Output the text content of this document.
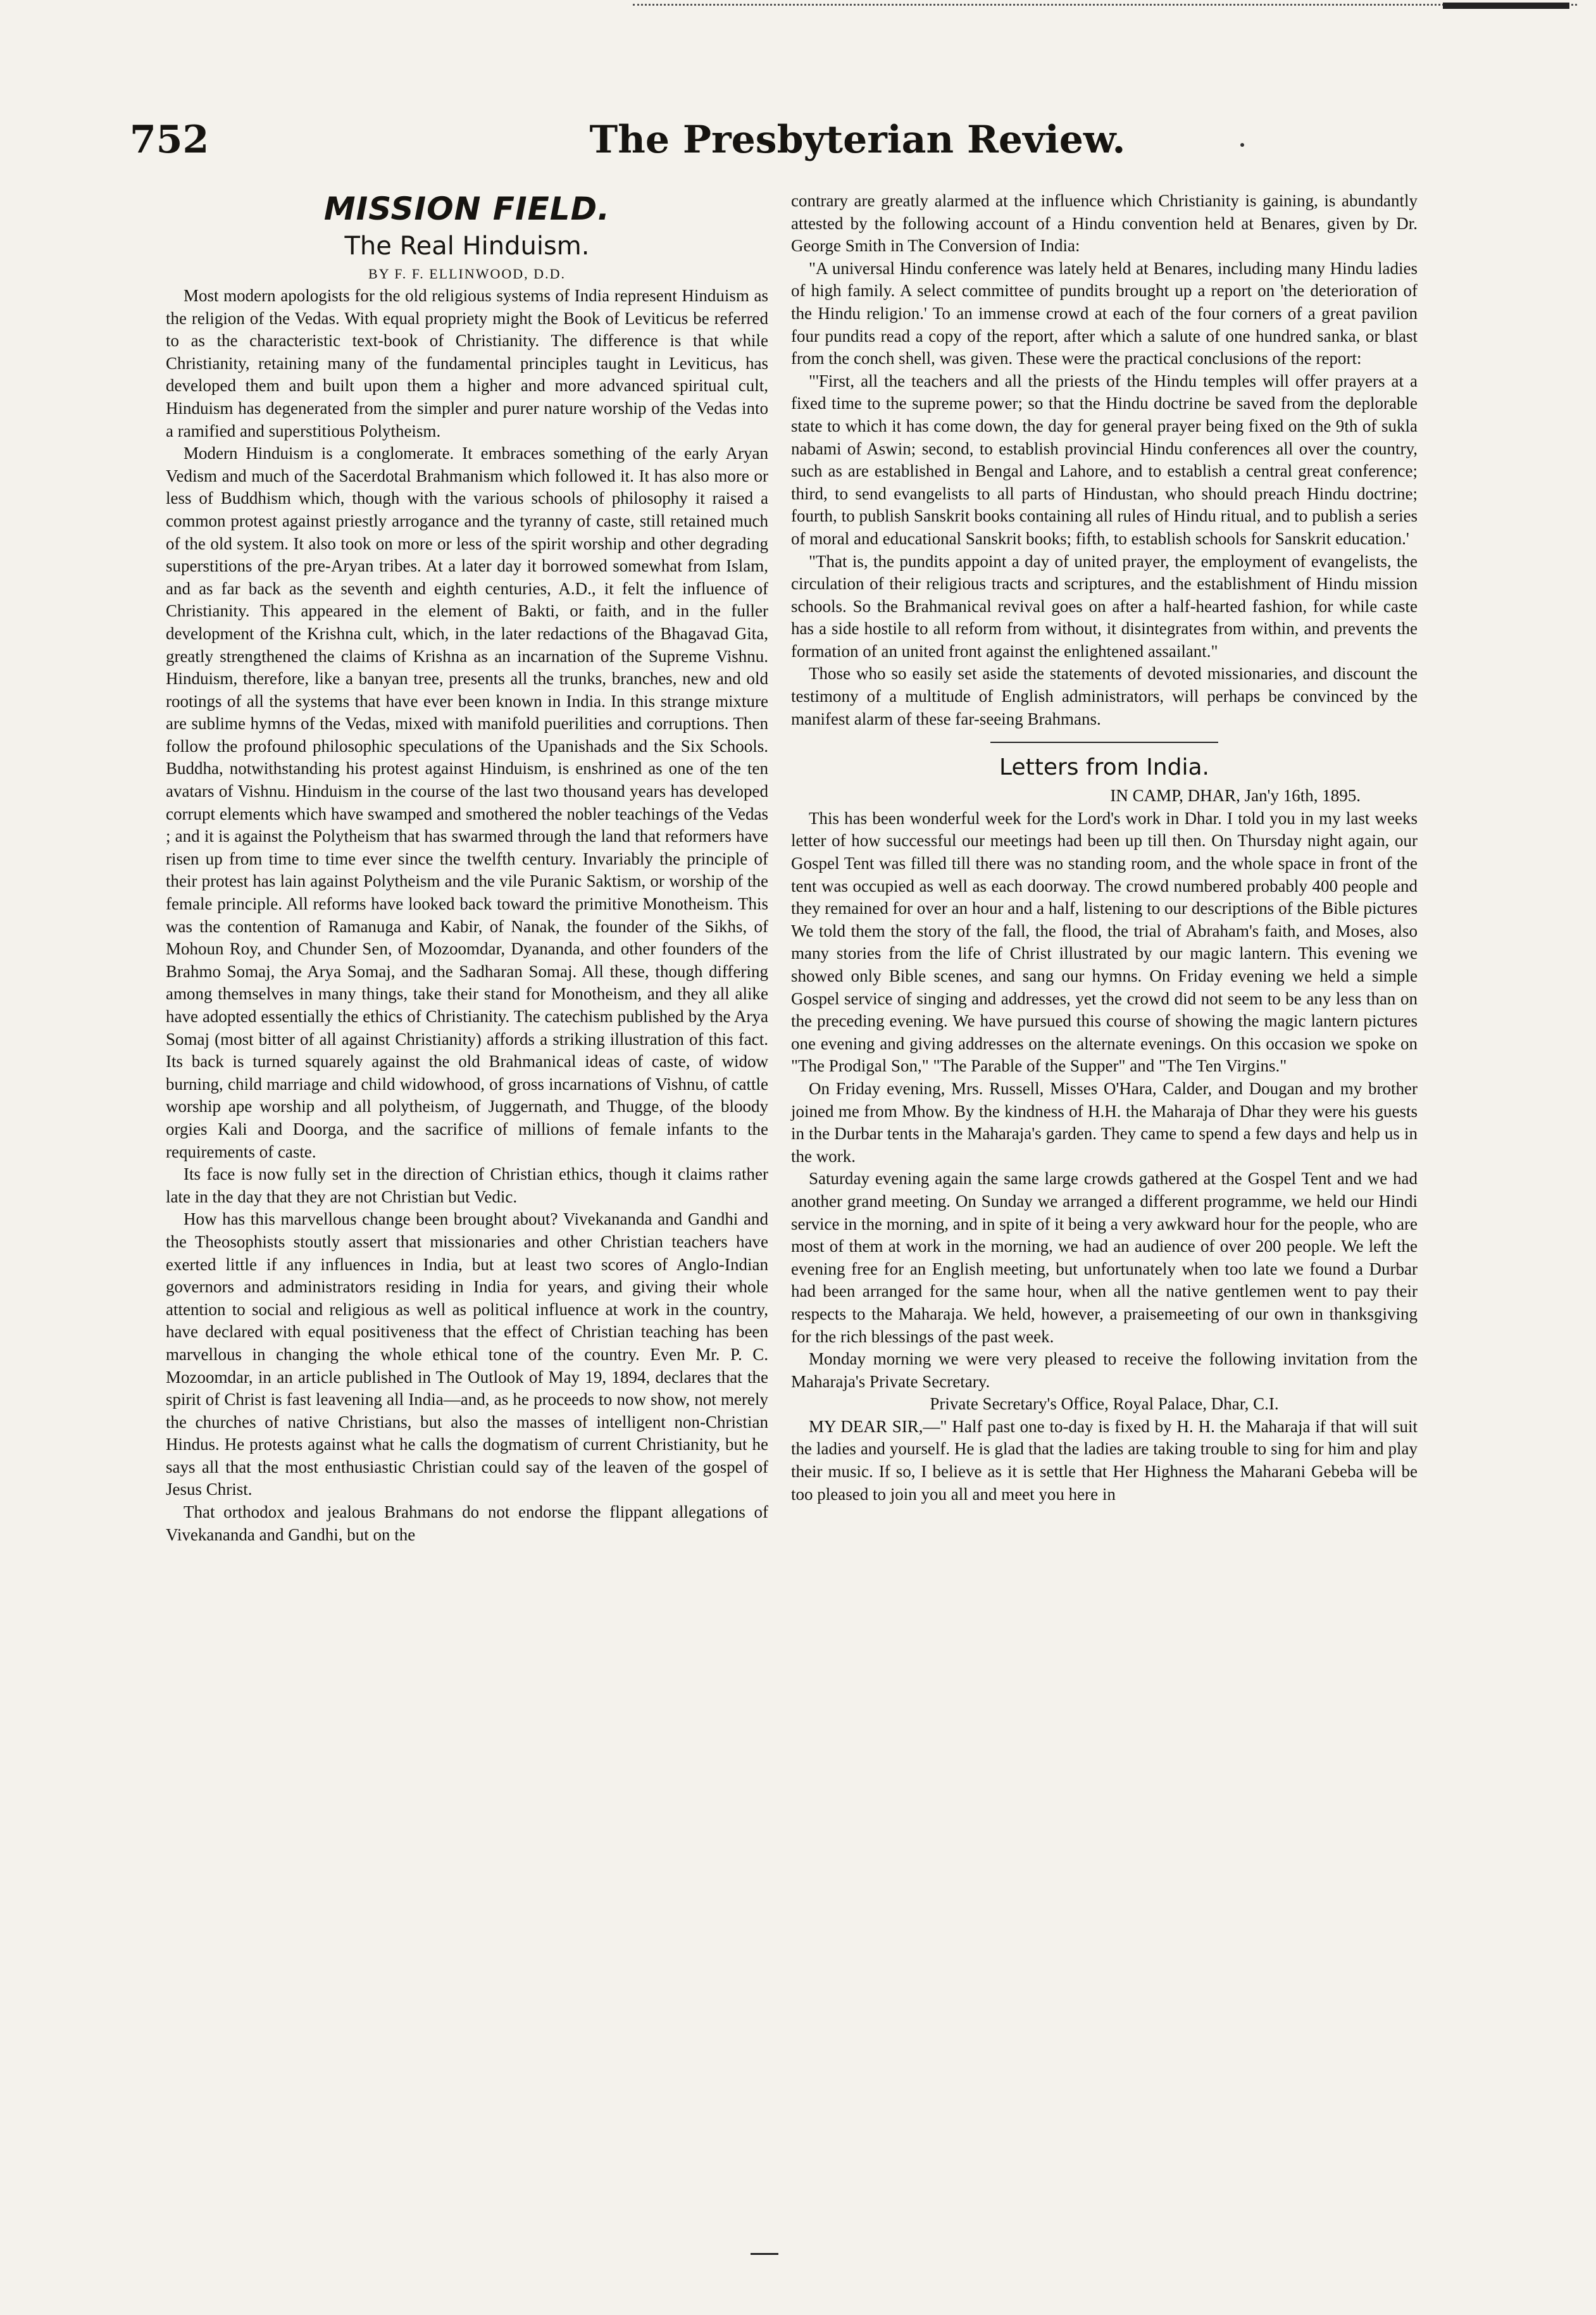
752	The Presbyterian Review.
MISSION FIELD.
The Real Hinduism.
BY F. F. ELLINWOOD, D.D.

Most modern apologists for the old religious systems of India represent Hinduism as the religion of the Vedas. With equal propriety might the Book of Leviticus be referred to as the characteristic text-book of Christianity. The difference is that while Christianity, retaining many of the fundamental principles taught in Leviticus, has developed them and built upon them a higher and more advanced spiritual cult, Hinduism has degenerated from the simpler and purer nature worship of the Vedas into a ramified and superstitious Polytheism.

Modern Hinduism is a conglomerate. It embraces something of the early Aryan Vedism and much of the Sacerdotal Brahmanism which followed it. It has also more or less of Buddhism which, though with the various schools of philosophy it raised a common protest against priestly arrogance and the tyranny of caste, still retained much of the old system. It also took on more or less of the spirit worship and other degrading superstitions of the pre-Aryan tribes. At a later day it borrowed somewhat from Islam, and as far back as the seventh and eighth centuries, A.D., it felt the influence of Christianity. This appeared in the element of Bakti, or faith, and in the fuller development of the Krishna cult, which, in the later redactions of the Bhagavad Gita, greatly strengthened the claims of Krishna as an incarnation of the Supreme Vishnu. Hinduism, therefore, like a banyan tree, presents all the trunks, branches, new and old rootings of all the systems that have ever been known in India. In this strange mixture are sublime hymns of the Vedas, mixed with manifold puerilities and corruptions. Then follow the profound philosophic speculations of the Upanishads and the Six Schools. Buddha, notwithstanding his protest against Hinduism, is enshrined as one of the ten avatars of Vishnu. Hinduism in the course of the last two thousand years has developed corrupt elements which have swamped and smothered the nobler teachings of the Vedas ; and it is against the Polytheism that has swarmed through the land that reformers have risen up from time to time ever since the twelfth century. Invariably the principle of their protest has lain against Polytheism and the vile Puranic Saktism, or worship of the female principle. All reforms have looked back toward the primitive Monotheism. This was the contention of Ramanuga and Kabir, of Nanak, the founder of the Sikhs, of Mohoun Roy, and Chunder Sen, of Mozoomdar, Dyananda, and other founders of the Brahmo Somaj, the Arya Somaj, and the Sadharan Somaj. All these, though differing among themselves in many things, take their stand for Monotheism, and they all alike have adopted essentially the ethics of Christianity. The catechism published by the Arya Somaj (most bitter of all against Christianity) affords a striking illustration of this fact. Its back is turned squarely against the old Brahmanical ideas of caste, of widow burning, child marriage and child widowhood, of gross incarnations of Vishnu, of cattle worship ape worship and all polytheism, of Juggernath, and Thugge, of the bloody orgies Kali and Doorga, and the sacrifice of millions of female infants to the requirements of caste.

Its face is now fully set in the direction of Christian ethics, though it claims rather late in the day that they are not Christian but Vedic.

How has this marvellous change been brought about? Vivekananda and Gandhi and the Theosophists stoutly assert that missionaries and other Christian teachers have exerted little if any influences in India, but at least two scores of Anglo-Indian governors and administrators residing in India for years, and giving their whole attention to social and religious as well as political influence at work in the country, have declared with equal positiveness that the effect of Christian teaching has been marvellous in changing the whole ethical tone of the country. Even Mr. P. C. Mozoomdar, in an article published in The Outlook of May 19, 1894, declares that the spirit of Christ is fast leavening all India—and, as he proceeds to now show, not merely the churches of native Christians, but also the masses of intelligent non-Christian Hindus. He protests against what he calls the dogmatism of current Christianity, but he says all that the most enthusiastic Christian could say of the leaven of the gospel of Jesus Christ.

That orthodox and jealous Brahmans do not endorse the flippant allegations of Vivekananda and Gandhi, but on the

contrary are greatly alarmed at the influence which Christianity is gaining, is abundantly attested by the following account of a Hindu convention held at Benares, given by Dr. George Smith in The Conversion of India:

"A universal Hindu conference was lately held at Benares, including many Hindu ladies of high family. A select committee of pundits brought up a report on 'the deterioration of the Hindu religion.' To an immense crowd at each of the four corners of a great pavilion four pundits read a copy of the report, after which a salute of one hundred sanka, or blast from the conch shell, was given. These were the practical conclusions of the report:

"'First, all the teachers and all the priests of the Hindu temples will offer prayers at a fixed time to the supreme power; so that the Hindu doctrine be saved from the deplorable state to which it has come down, the day for general prayer being fixed on the 9th of sukla nabami of Aswin; second, to establish provincial Hindu conferences all over the country, such as are established in Bengal and Lahore, and to establish a central great conference; third, to send evangelists to all parts of Hindustan, who should preach Hindu doctrine; fourth, to publish Sanskrit books containing all rules of Hindu ritual, and to publish a series of moral and educational Sanskrit books; fifth, to establish schools for Sanskrit education.'

"That is, the pundits appoint a day of united prayer, the employment of evangelists, the circulation of their religious tracts and scriptures, and the establishment of Hindu mission schools. So the Brahmanical revival goes on after a half-hearted fashion, for while caste has a side hostile to all reform from without, it disintegrates from within, and prevents the formation of an united front against the enlightened assailant."

Those who so easily set aside the statements of devoted missionaries, and discount the testimony of a multitude of English administrators, will perhaps be convinced by the manifest alarm of these far-seeing Brahmans.

Letters from India.

IN CAMP, DHAR, Jan'y 16th, 1895.

This has been wonderful week for the Lord's work in Dhar. I told you in my last weeks letter of how successful our meetings had been up till then. On Thursday night again, our Gospel Tent was filled till there was no standing room, and the whole space in front of the tent was occupied as well as each doorway. The crowd numbered probably 400 people and they remained for over an hour and a half, listening to our descriptions of the Bible pictures We told them the story of the fall, the flood, the trial of Abraham's faith, and Moses, also many stories from the life of Christ illustrated by our magic lantern. This evening we showed only Bible scenes, and sang our hymns. On Friday evening we held a simple Gospel service of singing and addresses, yet the crowd did not seem to be any less than on the preceding evening. We have pursued this course of showing the magic lantern pictures one evening and giving addresses on the alternate evenings. On this occasion we spoke on "The Prodigal Son," "The Parable of the Supper" and "The Ten Virgins."

On Friday evening, Mrs. Russell, Misses O'Hara, Calder, and Dougan and my brother joined me from Mhow. By the kindness of H.H. the Maharaja of Dhar they were his guests in the Durbar tents in the Maharaja's garden. They came to spend a few days and help us in the work.

Saturday evening again the same large crowds gathered at the Gospel Tent and we had another grand meeting. On Sunday we arranged a different programme, we held our Hindi service in the morning, and in spite of it being a very awkward hour for the people, who are most of them at work in the morning, we had an audience of over 200 people. We left the evening free for an English meeting, but unfortunately when too late we found a Durbar had been arranged for the same hour, when all the native gentlemen went to pay their respects to the Maharaja. We held, however, a praisemeeting of our own in thanksgiving for the rich blessings of the past week.

Monday morning we were very pleased to receive the following invitation from the Maharaja's Private Secretary.

Private Secretary's Office, Royal Palace, Dhar, C.I.

MY DEAR SIR,—" Half past one to-day is fixed by H. H. the Maharaja if that will suit the ladies and yourself. He is glad that the ladies are taking trouble to sing for him and play their music. If so, I believe as it is settle that Her Highness the Maharani Gebeba will be too pleased to join you all and meet you here in
